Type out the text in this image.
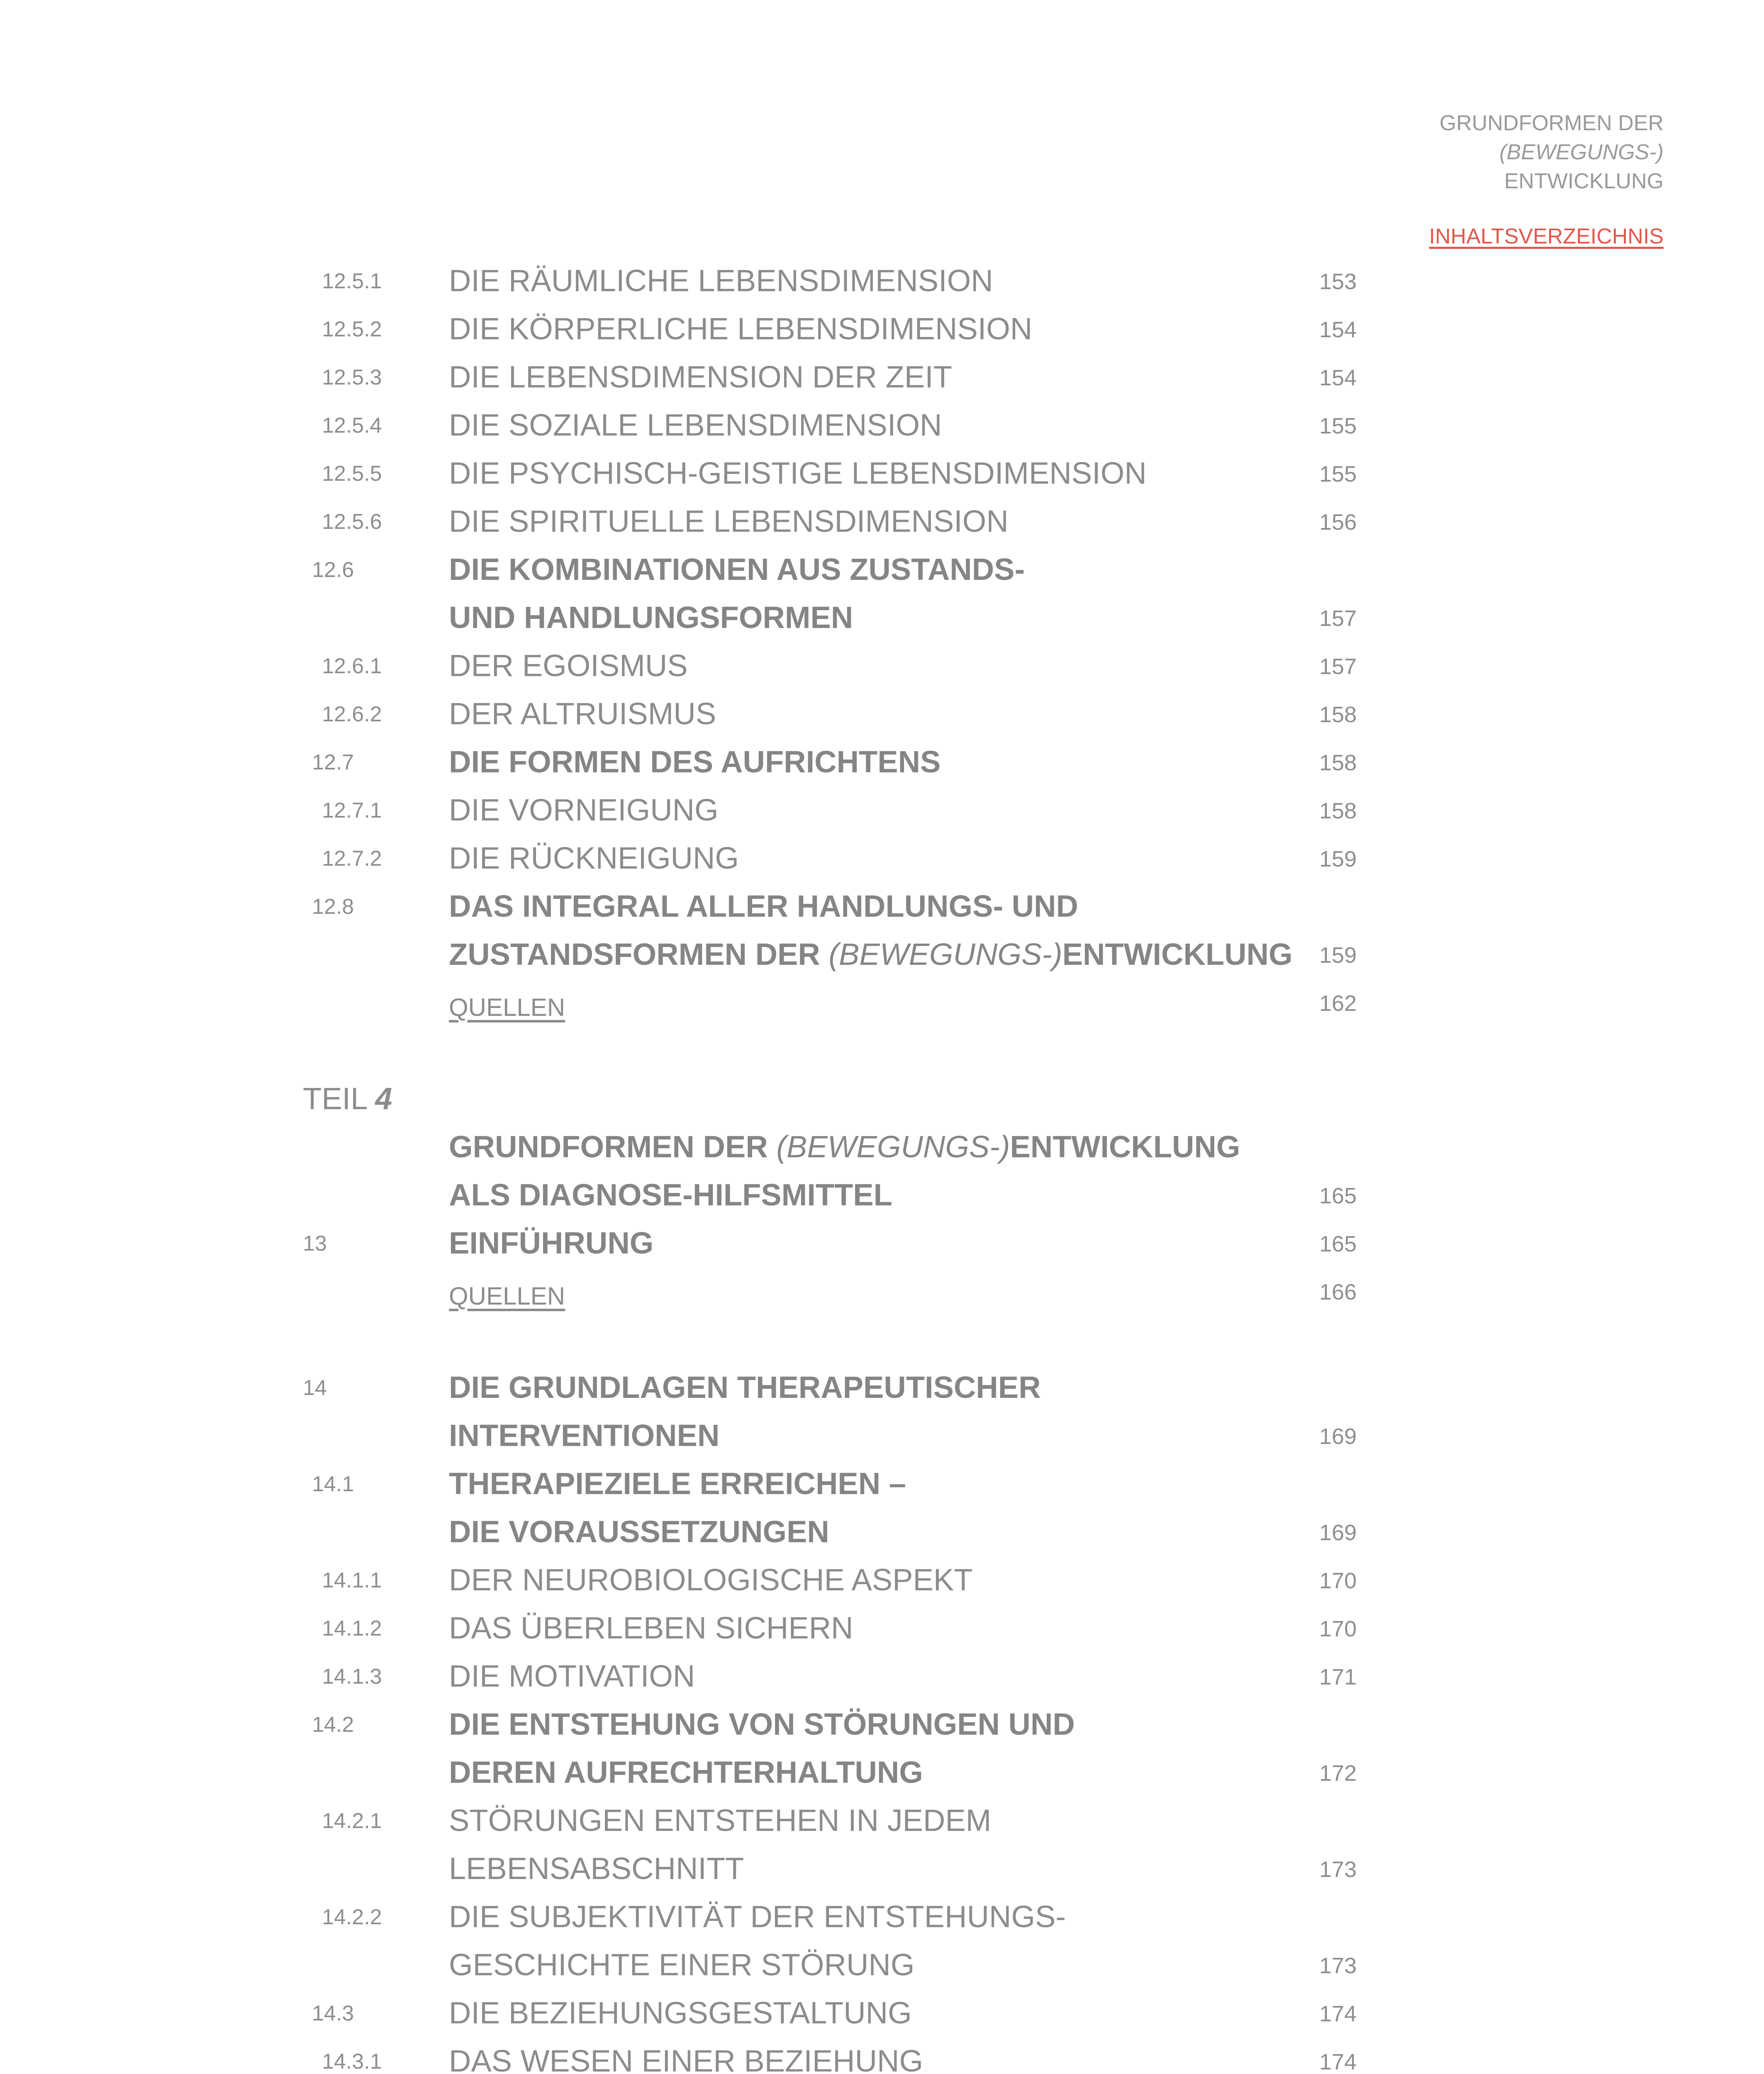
GRUNDFORMEN DER
(BEWEGUNGS-)
ENTWICKLUNG
INHALTSVERZEICHNIS
12.5.1 DIE RÄUMLICHE LEBENSDIMENSION	153
12.5.2 DIE KÖRPERLICHE LEBENSDIMENSION	154
12.5.3 DIE LEBENSDIMENSION DER ZEIT	154
12.5.4 DIE SOZIALE LEBENSDIMENSION	155
12.5.5 DIE PSYCHISCH-GEISTIGE LEBENSDIMENSION	155
12.5.6 DIE SPIRITUELLE LEBENSDIMENSION	156
12.6	DIE KOMBINATIONEN AUS ZUSTANDS-
UND HANDLUNGSFORMEN	157
12.6.1 DER EGOISMUS	157
12.6.2 DER ALTRUISMUS	158
12.7	DIE FORMEN DES AUFRICHTENS	158
12.7.1 DIE VORNEIGUNG	158
12.7.2 DIE RÜCKNEIGUNG	159
12.8	DAS INTEGRAL ALLER HANDLUNGS- UND
ZUSTANDSFORMEN DER (BEWEGUNGS-)ENTWICKLUNG 159
QUELLEN	162
TEIL 4
GRUNDFORMEN DER (BEWEGUNGS-)ENTWICKLUNG
ALS DIAGNOSE-HILFSMITTEL	165
13	EINFÜHRUNG	165
QUELLEN	166
14	DIE GRUNDLAGEN THERAPEUTISCHER
INTERVENTIONEN	169
14.1	THERAPIEZIELE ERREICHEN –
DIE VORAUSSETZUNGEN	169
14.1.1 DER NEUROBIOLOGISCHE ASPEKT	170
14.1.2 DAS ÜBERLEBEN SICHERN	170
14.1.3 DIE MOTIVATION	171
14.2	DIE ENTSTEHUNG VON STÖRUNGEN UND
DEREN AUFRECHTERHALTUNG	172
14.2.1 STÖRUNGEN ENTSTEHEN IN JEDEM
LEBENSABSCHNITT	173
14.2.2 DIE SUBJEKTIVITÄT DER ENTSTEHUNGS-
GESCHICHTE EINER STÖRUNG	173
14.3	DIE BEZIEHUNGSGESTALTUNG	174
14.3.1 DAS WESEN EINER BEZIEHUNG	174
